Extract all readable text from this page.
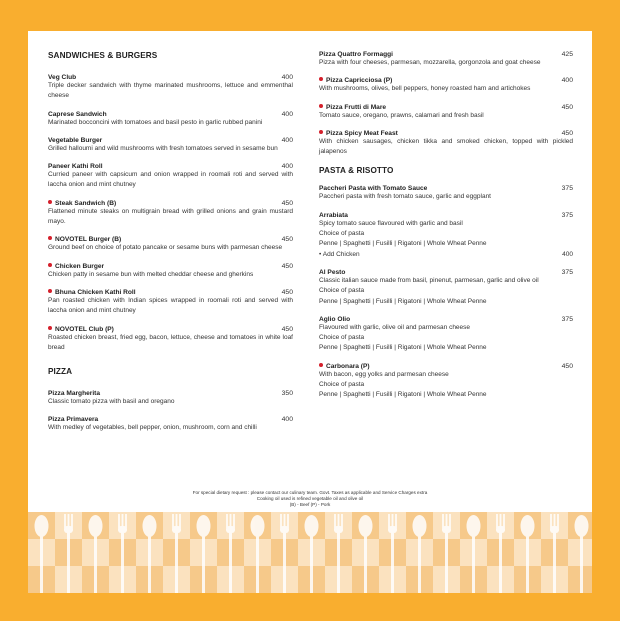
SANDWICHES & BURGERS
Veg Club	400
Triple decker sandwich with thyme marinated mushrooms, lettuce and emmenthal cheese
Caprese Sandwich	400
Marinated bocconcini with tomatoes and basil pesto in garlic rubbed panini
Vegetable Burger	400
Grilled halloumi and wild mushrooms with fresh tomatoes served in sesame bun
Paneer Kathi Roll	400
Curried paneer with capsicum and onion wrapped in roomali roti and served with laccha onion and mint chutney
Steak Sandwich (B)	450
Flattened minute steaks on multigrain bread with grilled onions and grain mustard mayo.
NOVOTEL Burger (B)	450
Ground beef on choice of potato pancake or sesame buns with parmesan cheese
Chicken Burger	450
Chicken patty in sesame bun with melted cheddar cheese and gherkins
Bhuna Chicken Kathi Roll	450
Pan roasted chicken with Indian spices wrapped in roomali roti and served with laccha onion and mint chutney
NOVOTEL Club (P)	450
Roasted chicken breast, fried egg, bacon, lettuce, cheese and tomatoes in white loaf bread
PIZZA
Pizza Margherita	350
Classic tomato pizza with basil and oregano
Pizza Primavera	400
With medley of vegetables, bell pepper, onion, mushroom, corn and chilli
Pizza Quattro Formaggi	425
Pizza with four cheeses, parmesan, mozzarella, gorgonzola and goat cheese
Pizza Capricciosa (P)	400
With mushrooms, olives, bell peppers, honey roasted ham and artichokes
Pizza Frutti di Mare	450
Tomato sauce, oregano, prawns, calamari and fresh basil
Pizza Spicy Meat Feast	450
With chicken sausages, chicken tikka and smoked chicken, topped with pickled jalapenos
PASTA & RISOTTO
Paccheri Pasta with Tomato Sauce	375
Paccheri pasta with fresh tomato sauce, garlic and eggplant
Arrabiata	375
Spicy tomato sauce flavoured with garlic and basil
Choice of pasta
Penne | Spaghetti | Fusilli | Rigatoni | Whole Wheat Penne
• Add Chicken	400
Al Pesto	375
Classic italian sauce made from basil, pinenut, parmesan, garlic and olive oil
Choice of pasta
Penne | Spaghetti | Fusilli | Rigatoni | Whole Wheat Penne
Aglio Olio	375
Flavoured with garlic, olive oil and parmesan cheese
Choice of pasta
Penne | Spaghetti | Fusilli | Rigatoni | Whole Wheat Penne
Carbonara (P)	450
With bacon, egg yolks and parmesan cheese
Choice of pasta
Penne | Spaghetti | Fusilli | Rigatoni | Whole Wheat Penne
For special dietary request : please contact our culinary team. Govt. Taxes as applicable and Service Charges extra
Cooking oil used is refined vegetable oil and olive oil
(B) - Beef (P) - Pork
